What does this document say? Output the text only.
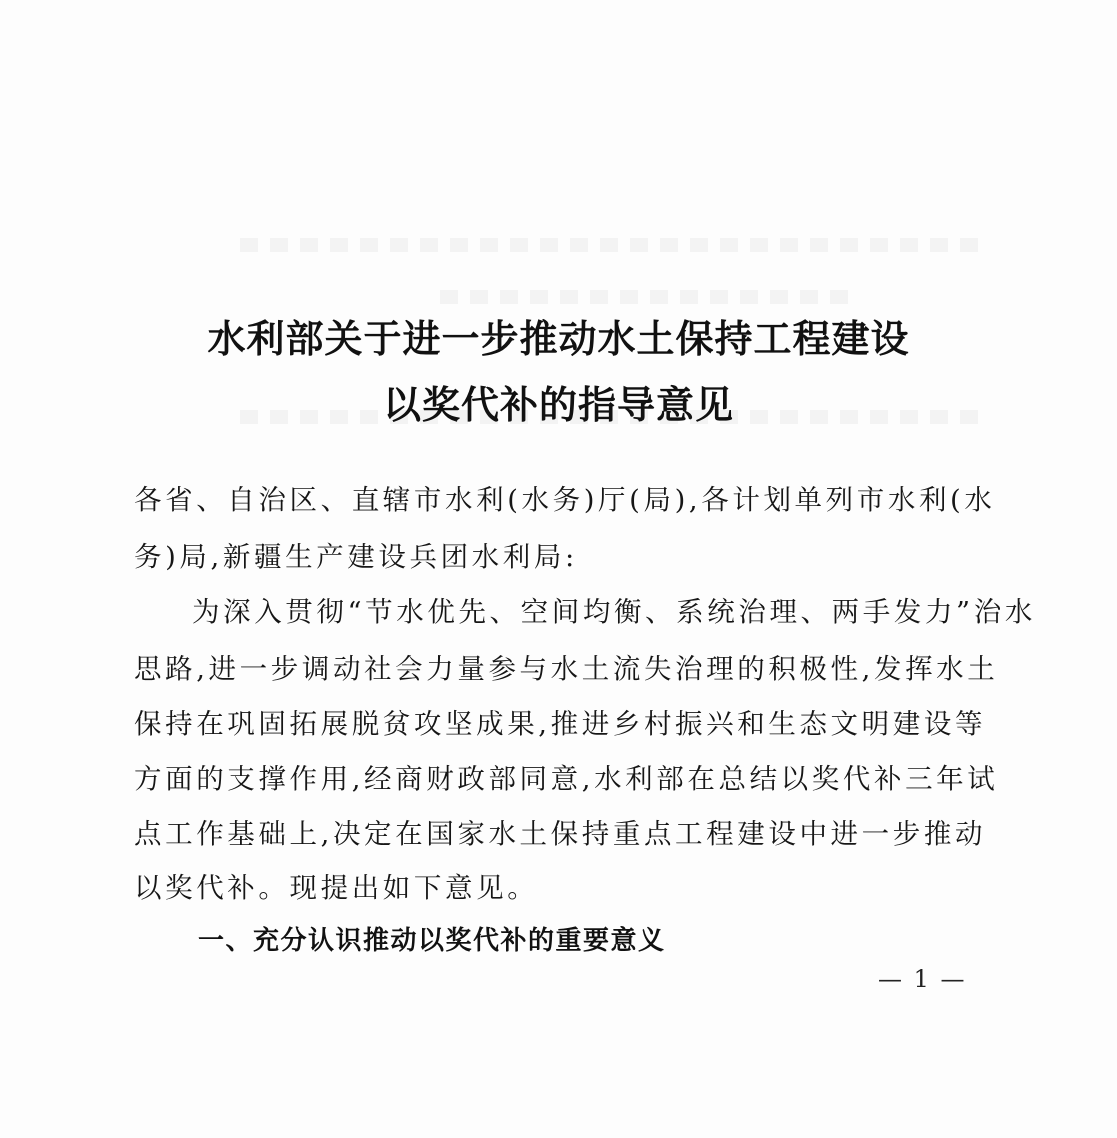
水利部关于进一步推动水土保持工程建设
以奖代补的指导意见
各省、自治区、直辖市水利(水务)厅(局),各计划单列市水利(水
务)局,新疆生产建设兵团水利局:
为深入贯彻“节水优先、空间均衡、系统治理、两手发力”治水
思路,进一步调动社会力量参与水土流失治理的积极性,发挥水土
保持在巩固拓展脱贫攻坚成果,推进乡村振兴和生态文明建设等
方面的支撑作用,经商财政部同意,水利部在总结以奖代补三年试
点工作基础上,决定在国家水土保持重点工程建设中进一步推动
以奖代补。现提出如下意见。
一、充分认识推动以奖代补的重要意义
— 1 —
